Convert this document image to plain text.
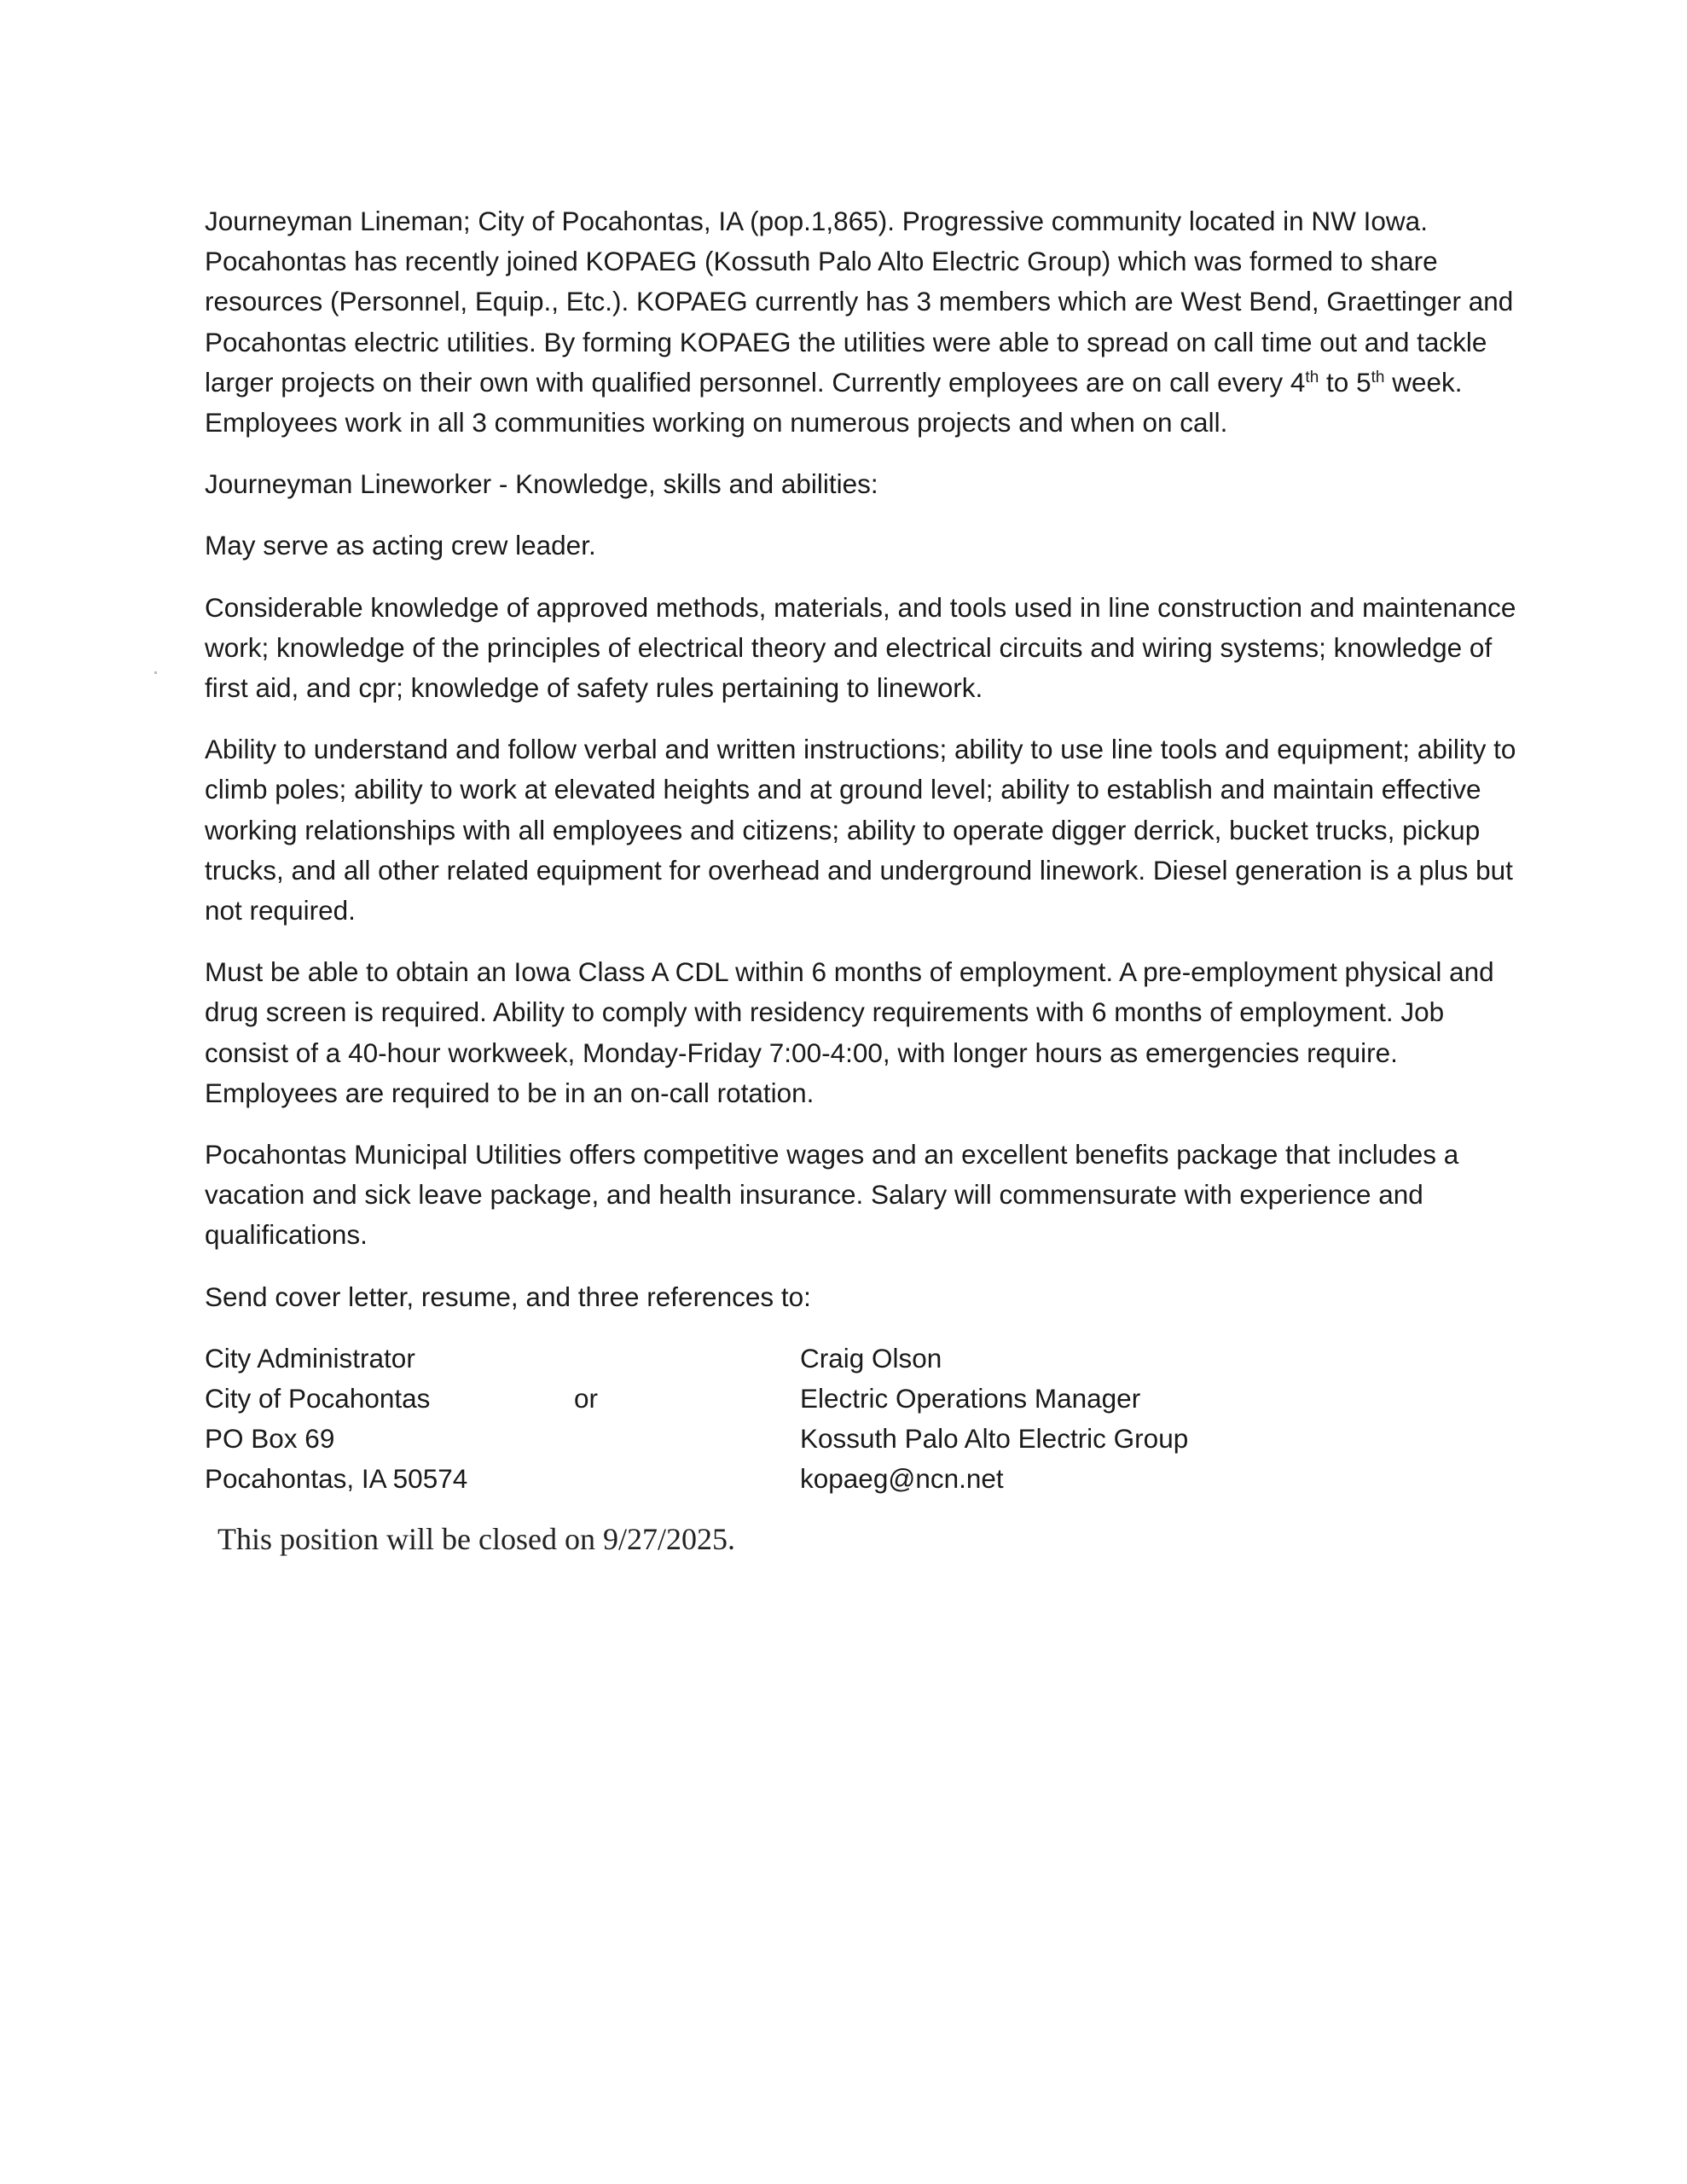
Journeyman Lineman; City of Pocahontas, IA (pop.1,865). Progressive community located in NW Iowa. Pocahontas has recently joined KOPAEG (Kossuth Palo Alto Electric Group) which was formed to share resources (Personnel, Equip., Etc.). KOPAEG currently has 3 members which are West Bend, Graettinger and Pocahontas electric utilities. By forming KOPAEG the utilities were able to spread on call time out and tackle larger projects on their own with qualified personnel. Currently employees are on call every 4th to 5th week. Employees work in all 3 communities working on numerous projects and when on call.

Journeyman Lineworker - Knowledge, skills and abilities:

May serve as acting crew leader.

Considerable knowledge of approved methods, materials, and tools used in line construction and maintenance work; knowledge of the principles of electrical theory and electrical circuits and wiring systems; knowledge of first aid, and cpr; knowledge of safety rules pertaining to linework.

Ability to understand and follow verbal and written instructions; ability to use line tools and equipment; ability to climb poles; ability to work at elevated heights and at ground level; ability to establish and maintain effective working relationships with all employees and citizens; ability to operate digger derrick, bucket trucks, pickup trucks, and all other related equipment for overhead and underground linework. Diesel generation is a plus but not required.

Must be able to obtain an Iowa Class A CDL within 6 months of employment. A pre-employment physical and drug screen is required. Ability to comply with residency requirements with 6 months of employment. Job consist of a 40-hour workweek, Monday-Friday 7:00-4:00, with longer hours as emergencies require. Employees are required to be in an on-call rotation.

Pocahontas Municipal Utilities offers competitive wages and an excellent benefits package that includes a vacation and sick leave package, and health insurance. Salary will commensurate with experience and qualifications.

Send cover letter, resume, and three references to:

City Administrator
City of Pocahontas
PO Box 69
Pocahontas, IA 50574
or
Craig Olson
Electric Operations Manager
Kossuth Palo Alto Electric Group
kopaeg@ncn.net
This position will be closed on 9/27/2025.
